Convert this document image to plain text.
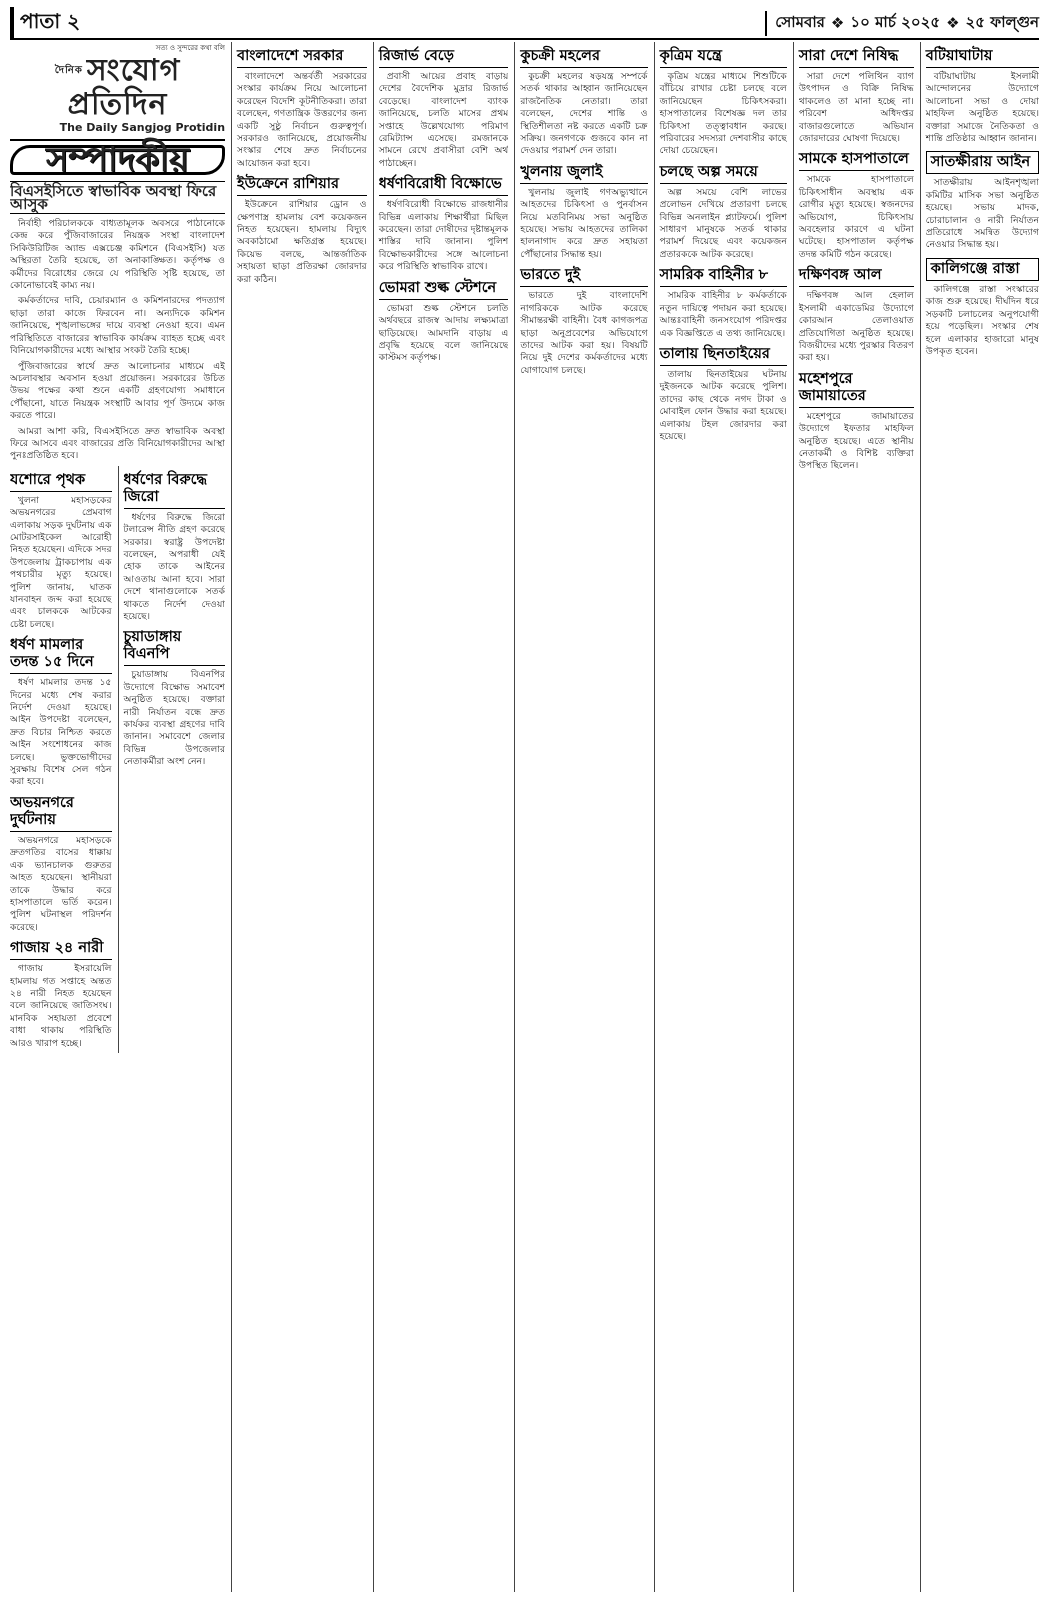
পাতা ২	সোমবার ❖ ১০ মার্চ ২০২৫ ❖ ২৫ ফাল্গুন
সত্য ও সুন্দরের কথা বলি
$^{দৈনিক}$ সংযোগ প্রতিদিন
The Daily Sangjog Protidin
সম্পাদকীয়
বিএসইসিতে স্বাভাবিক অবস্থা ফিরে আসুক

নির্বাহী পরিচালককে বাধ্যতামূলক অবসরে পাঠানোকে কেন্দ্র করে পুঁজিবাজারের নিয়ন্ত্রক সংস্থা বাংলাদেশ সিকিউরিটিজ অ্যান্ড এক্সচেঞ্জ কমিশনে (বিএসইসি) যত অস্থিরতা তৈরি হয়েছে, তা অনাকাঙ্ক্ষিত। কর্তৃপক্ষ ও কর্মীদের বিরোধের জেরে যে পরিস্থিতি সৃষ্টি হয়েছে, তা কোনোভাবেই কাম্য নয়।

কর্মকর্তাদের দাবি, চেয়ারম্যান ও কমিশনারদের পদত্যাগ ছাড়া তারা কাজে ফিরবেন না। অন্যদিকে কমিশন জানিয়েছে, শৃঙ্খলাভঙ্গের দায়ে ব্যবস্থা নেওয়া হবে। এমন পরিস্থিতিতে বাজারের স্বাভাবিক কার্যক্রম ব্যাহত হচ্ছে এবং বিনিয়োগকারীদের মধ্যে আস্থার সংকট তৈরি হচ্ছে।

পুঁজিবাজারের স্বার্থে দ্রুত আলোচনার মাধ্যমে এই অচলাবস্থার অবসান হওয়া প্রয়োজন। সরকারের উচিত উভয় পক্ষের কথা শুনে একটি গ্রহণযোগ্য সমাধানে পৌঁছানো, যাতে নিয়ন্ত্রক সংস্থাটি আবার পূর্ণ উদ্যমে কাজ করতে পারে।

আমরা আশা করি, বিএসইসিতে দ্রুত স্বাভাবিক অবস্থা ফিরে আসবে এবং বাজারের প্রতি বিনিয়োগকারীদের আস্থা পুনঃপ্রতিষ্ঠিত হবে।

যশোরে পৃথক

খুলনা মহাসড়কের অভয়নগরের প্রেমবাগ এলাকায় সড়ক দুর্ঘটনায় এক মোটরসাইকেল আরোহী নিহত হয়েছেন। এদিকে সদর উপজেলায় ট্রাকচাপায় এক পথচারীর মৃত্যু হয়েছে। পুলিশ জানায়, ঘাতক যানবাহন জব্দ করা হয়েছে এবং চালককে আটকের চেষ্টা চলছে।

ধর্ষণ মামলার তদন্ত ১৫ দিনে

ধর্ষণ মামলার তদন্ত ১৫ দিনের মধ্যে শেষ করার নির্দেশ দেওয়া হয়েছে। আইন উপদেষ্টা বলেছেন, দ্রুত বিচার নিশ্চিত করতে আইন সংশোধনের কাজ চলছে। ভুক্তভোগীদের সুরক্ষায় বিশেষ সেল গঠন করা হবে।

অভয়নগরে দুর্ঘটনায়

অভয়নগরে মহাসড়কে দ্রুতগতির বাসের ধাক্কায় এক ভ্যানচালক গুরুতর আহত হয়েছেন। স্থানীয়রা তাকে উদ্ধার করে হাসপাতালে ভর্তি করেন। পুলিশ ঘটনাস্থল পরিদর্শন করেছে।

গাজায় ২৪ নারী

গাজায় ইসরায়েলি হামলায় গত সপ্তাহে অন্তত ২৪ নারী নিহত হয়েছেন বলে জানিয়েছে জাতিসংঘ। মানবিক সহায়তা প্রবেশে বাধা থাকায় পরিস্থিতি আরও খারাপ হচ্ছে।

ধর্ষণের বিরুদ্ধে জিরো

ধর্ষণের বিরুদ্ধে জিরো টলারেন্স নীতি গ্রহণ করেছে সরকার। স্বরাষ্ট্র উপদেষ্টা বলেছেন, অপরাধী যেই হোক তাকে আইনের আওতায় আনা হবে। সারা দেশে থানাগুলোকে সতর্ক থাকতে নির্দেশ দেওয়া হয়েছে।

চুয়াডাঙ্গায় বিএনপি

চুয়াডাঙ্গায় বিএনপির উদ্যোগে বিক্ষোভ সমাবেশ অনুষ্ঠিত হয়েছে। বক্তারা নারী নির্যাতন বন্ধে দ্রুত কার্যকর ব্যবস্থা গ্রহণের দাবি জানান। সমাবেশে জেলার বিভিন্ন উপজেলার নেতাকর্মীরা অংশ নেন।

বাংলাদেশে সরকার

বাংলাদেশে অন্তর্বর্তী সরকারের সংস্কার কার্যক্রম নিয়ে আলোচনা করেছেন বিদেশি কূটনীতিকরা। তারা বলেছেন, গণতান্ত্রিক উত্তরণের জন্য একটি সুষ্ঠু নির্বাচন গুরুত্বপূর্ণ। সরকারও জানিয়েছে, প্রয়োজনীয় সংস্কার শেষে দ্রুত নির্বাচনের আয়োজন করা হবে।

ইউক্রেনে রাশিয়ার

ইউক্রেনে রাশিয়ার ড্রোন ও ক্ষেপণাস্ত্র হামলায় বেশ কয়েকজন নিহত হয়েছেন। হামলায় বিদ্যুৎ অবকাঠামো ক্ষতিগ্রস্ত হয়েছে। কিয়েভ বলছে, আন্তর্জাতিক সহায়তা ছাড়া প্রতিরক্ষা জোরদার করা কঠিন।

রিজার্ভ বেড়ে

প্রবাসী আয়ের প্রবাহ বাড়ায় দেশের বৈদেশিক মুদ্রার রিজার্ভ বেড়েছে। বাংলাদেশ ব্যাংক জানিয়েছে, চলতি মাসের প্রথম সপ্তাহে উল্লেখযোগ্য পরিমাণ রেমিট্যান্স এসেছে। রমজানকে সামনে রেখে প্রবাসীরা বেশি অর্থ পাঠাচ্ছেন।

ধর্ষণবিরোধী বিক্ষোভে

ধর্ষণবিরোধী বিক্ষোভে রাজধানীর বিভিন্ন এলাকায় শিক্ষার্থীরা মিছিল করেছেন। তারা দোষীদের দৃষ্টান্তমূলক শাস্তির দাবি জানান। পুলিশ বিক্ষোভকারীদের সঙ্গে আলোচনা করে পরিস্থিতি স্বাভাবিক রাখে।

ভোমরা শুল্ক স্টেশনে

ভোমরা শুল্ক স্টেশনে চলতি অর্থবছরে রাজস্ব আদায় লক্ষ্যমাত্রা ছাড়িয়েছে। আমদানি বাড়ায় এ প্রবৃদ্ধি হয়েছে বলে জানিয়েছে কাস্টমস কর্তৃপক্ষ।

কুচক্রী মহলের

কুচক্রী মহলের ষড়যন্ত্র সম্পর্কে সতর্ক থাকার আহ্বান জানিয়েছেন রাজনৈতিক নেতারা। তারা বলেছেন, দেশের শান্তি ও স্থিতিশীলতা নষ্ট করতে একটি চক্র সক্রিয়। জনগণকে গুজবে কান না দেওয়ার পরামর্শ দেন তারা।

খুলনায় জুলাই

খুলনায় জুলাই গণঅভ্যুত্থানে আহতদের চিকিৎসা ও পুনর্বাসন নিয়ে মতবিনিময় সভা অনুষ্ঠিত হয়েছে। সভায় আহতদের তালিকা হালনাগাদ করে দ্রুত সহায়তা পৌঁছানোর সিদ্ধান্ত হয়।

ভারতে দুই

ভারতে দুই বাংলাদেশি নাগরিককে আটক করেছে সীমান্তরক্ষী বাহিনী। বৈধ কাগজপত্র ছাড়া অনুপ্রবেশের অভিযোগে তাদের আটক করা হয়। বিষয়টি নিয়ে দুই দেশের কর্মকর্তাদের মধ্যে যোগাযোগ চলছে।

কৃত্রিম যন্ত্রে

কৃত্রিম যন্ত্রের মাধ্যমে শিশুটিকে বাঁচিয়ে রাখার চেষ্টা চলছে বলে জানিয়েছেন চিকিৎসকরা। হাসপাতালের বিশেষজ্ঞ দল তার চিকিৎসা তত্ত্বাবধান করছে। পরিবারের সদস্যরা দেশবাসীর কাছে দোয়া চেয়েছেন।

চলছে অল্প সময়ে

অল্প সময়ে বেশি লাভের প্রলোভন দেখিয়ে প্রতারণা চলছে বিভিন্ন অনলাইন প্ল্যাটফর্মে। পুলিশ সাধারণ মানুষকে সতর্ক থাকার পরামর্শ দিয়েছে এবং কয়েকজন প্রতারককে আটক করেছে।

সামরিক বাহিনীর ৮

সামরিক বাহিনীর ৮ কর্মকর্তাকে নতুন দায়িত্বে পদায়ন করা হয়েছে। আন্তঃবাহিনী জনসংযোগ পরিদপ্তর এক বিজ্ঞপ্তিতে এ তথ্য জানিয়েছে।

তালায় ছিনতাইয়ের

তালায় ছিনতাইয়ের ঘটনায় দুইজনকে আটক করেছে পুলিশ। তাদের কাছ থেকে নগদ টাকা ও মোবাইল ফোন উদ্ধার করা হয়েছে। এলাকায় টহল জোরদার করা হয়েছে।

সারা দেশে নিষিদ্ধ

সারা দেশে পলিথিন ব্যাগ উৎপাদন ও বিক্রি নিষিদ্ধ থাকলেও তা মানা হচ্ছে না। পরিবেশ অধিদপ্তর বাজারগুলোতে অভিযান জোরদারের ঘোষণা দিয়েছে।

সামকে হাসপাতালে

সামকে হাসপাতালে চিকিৎসাধীন অবস্থায় এক রোগীর মৃত্যু হয়েছে। স্বজনদের অভিযোগ, চিকিৎসায় অবহেলার কারণে এ ঘটনা ঘটেছে। হাসপাতাল কর্তৃপক্ষ তদন্ত কমিটি গঠন করেছে।

দক্ষিণবঙ্গ আল

দক্ষিণবঙ্গ আল হেলাল ইসলামী একাডেমির উদ্যোগে কোরআন তেলাওয়াত প্রতিযোগিতা অনুষ্ঠিত হয়েছে। বিজয়ীদের মধ্যে পুরস্কার বিতরণ করা হয়।

মহেশপুরে জামায়াতের

মহেশপুরে জামায়াতের উদ্যোগে ইফতার মাহফিল অনুষ্ঠিত হয়েছে। এতে স্থানীয় নেতাকর্মী ও বিশিষ্ট ব্যক্তিরা উপস্থিত ছিলেন।

বটিয়াঘাটায়

বটিয়াঘাটায় ইসলামী আন্দোলনের উদ্যোগে আলোচনা সভা ও দোয়া মাহফিল অনুষ্ঠিত হয়েছে। বক্তারা সমাজে নৈতিকতা ও শান্তি প্রতিষ্ঠার আহ্বান জানান।

সাতক্ষীরায় আইন

সাতক্ষীরায় আইনশৃঙ্খলা কমিটির মাসিক সভা অনুষ্ঠিত হয়েছে। সভায় মাদক, চোরাচালান ও নারী নির্যাতন প্রতিরোধে সমন্বিত উদ্যোগ নেওয়ার সিদ্ধান্ত হয়।

কালিগঞ্জে রাস্তা

কালিগঞ্জে রাস্তা সংস্কারের কাজ শুরু হয়েছে। দীর্ঘদিন ধরে সড়কটি চলাচলের অনুপযোগী হয়ে পড়েছিল। সংস্কার শেষ হলে এলাকার হাজারো মানুষ উপকৃত হবেন।
